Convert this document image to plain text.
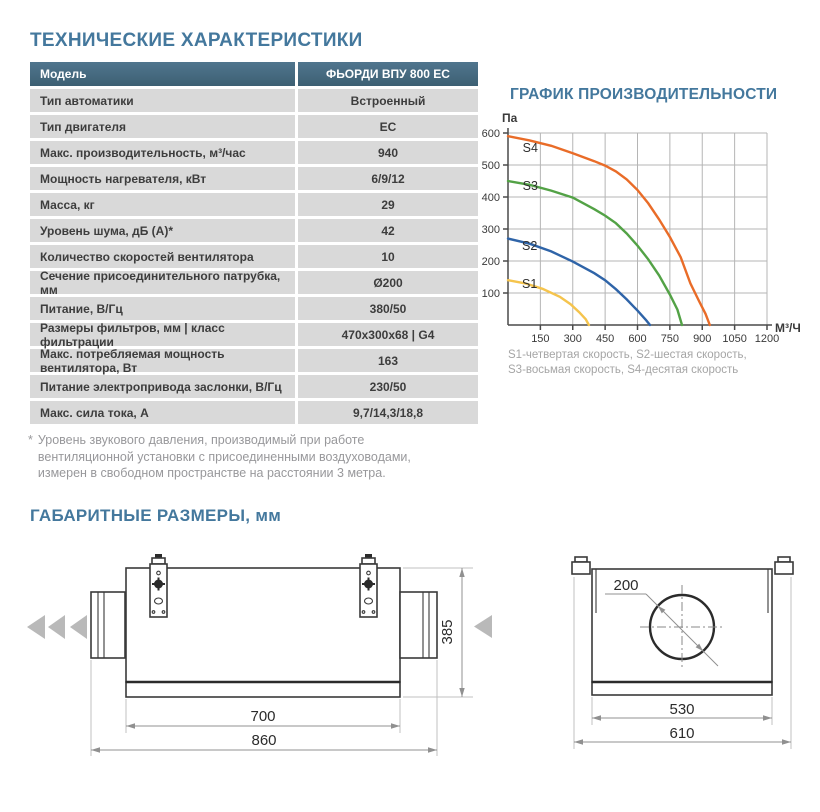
ТЕХНИЧЕСКИЕ ХАРАКТЕРИСТИКИ
Модель	ФЬОРДИ ВПУ 800 EC
Тип автоматики	Встроенный
Тип двигателя	EC
Макс. производительность, м³/час	940
Мощность нагревателя, кВт	6/9/12
Масса, кг	29
Уровень шума, дБ (А)*	42
Количество скоростей вентилятора	10
Сечение присоединительного патрубка, мм	Ø200
Питание, В/Гц	380/50
Размеры фильтров, мм | класс фильтрации	470х300х68 | G4
Макс. потребляемая мощность вентилятора, Вт	163
Питание электропривода заслонки, В/Гц	230/50
Макс. сила тока, А	9,7/14,3/18,8
ГРАФИК ПРОИЗВОДИТЕЛЬНОСТИ
100
200
300
400
500
600
150 300 450 600 750 900 1050 1200
Па
М³/Ч
S1
S2
S3
S4
S1-четвертая скорость, S2-шестая скорость,
S3-восьмая скорость, S4-десятая скорость
* Уровень звукового давления, производимый при работе вентиляционной установки с присоединенными воздуховодами, измерен в свободном пространстве на расстоянии 3 метра.
ГАБАРИТНЫЕ РАЗМЕРЫ, мм
385
700
860
200
530
610
